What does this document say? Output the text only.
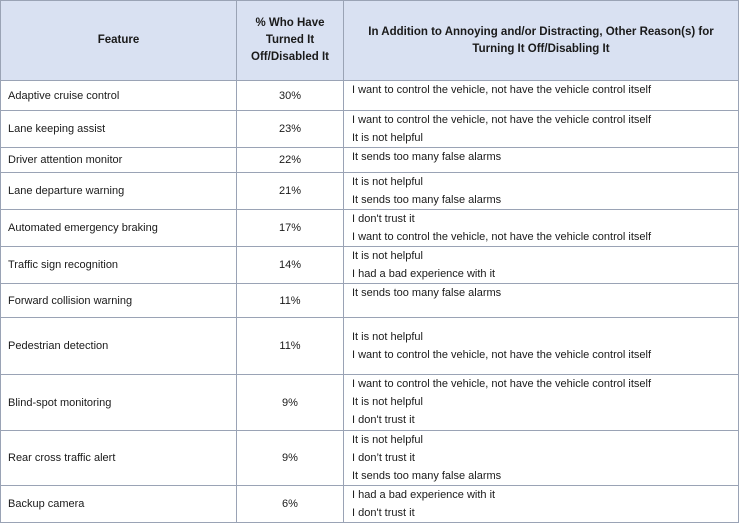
Feature	% Who Have Turned It Off/Disabled It	In Addition to Annoying and/or Distracting, Other Reason(s) for Turning It Off/Disabling It
Adaptive cruise control	30%	I want to control the vehicle, not have the vehicle control itself

Lane keeping assist	23%	I want to control the vehicle, not have the vehicle control itself
It is not helpful

Driver attention monitor	22%	It sends too many false alarms

Lane departure warning	21%	It is not helpful
It sends too many false alarms

Automated emergency braking	17%	I don't trust it
I want to control the vehicle, not have the vehicle control itself

Traffic sign recognition	14%	It is not helpful
I had a bad experience with it

Forward collision warning	11%	It sends too many false alarms

Pedestrian detection	11%	It is not helpful
I want to control the vehicle, not have the vehicle control itself

Blind-spot monitoring	9%	I want to control the vehicle, not have the vehicle control itself
It is not helpful
I don't trust it

Rear cross traffic alert	9%	It is not helpful
I don’t trust it
It sends too many false alarms

Backup camera	6%	I had a bad experience with it
I don't trust it
